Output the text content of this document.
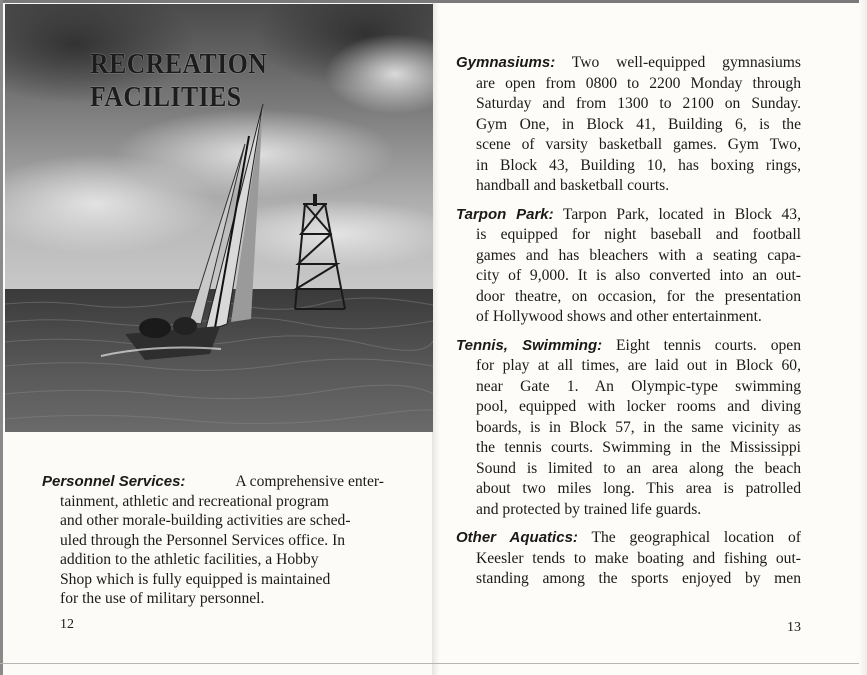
RECREATION
FACILITIES
Personnel Services:	A comprehensive enter-
tainment, athletic and recreational program
and other morale-building activities are sched-
uled through the Personnel Services office. In
addition to the athletic facilities, a Hobby
Shop which is fully equipped is maintained
for the use of military personnel.
12
Gymnasiums: Two well-equipped gymnasiums
are open from 0800 to 2200 Monday through
Saturday and from 1300 to 2100 on Sunday.
Gym One, in Block 41, Building 6, is the
scene of varsity basketball games. Gym Two,
in Block 43, Building 10, has boxing rings,
handball and basketball courts.
Tarpon Park: Tarpon Park, located in Block 43,
is equipped for night baseball and football
games and has bleachers with a seating capa-
city of 9,000. It is also converted into an out-
door theatre, on occasion, for the presentation
of Hollywood shows and other entertainment.
Tennis, Swimming: Eight tennis courts. open
for play at all times, are laid out in Block 60,
near Gate 1. An Olympic-type swimming
pool, equipped with locker rooms and diving
boards, is in Block 57, in the same vicinity as
the tennis courts. Swimming in the Mississippi
Sound is limited to an area along the beach
about two miles long. This area is patrolled
and protected by trained life guards.
Other Aquatics: The geographical location of
Keesler tends to make boating and fishing out-
standing among the sports enjoyed by men
13
